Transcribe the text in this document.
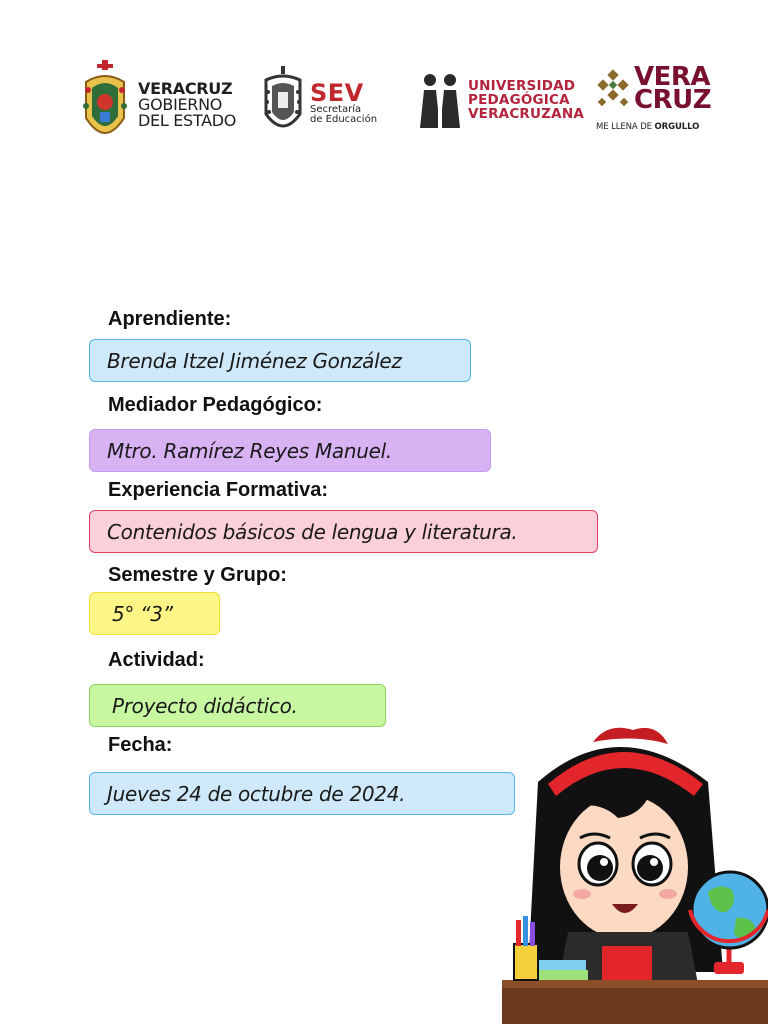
VERACRUZ
GOBIERNO
DEL ESTADO
SEV
Secretaría
de Educación
UNIVERSIDAD
PEDAGÓGICA
VERACRUZANA
VERA
CRUZ
ME LLENA DE ORGULLO
Aprendiente:
Brenda Itzel Jiménez González
Mediador Pedagógico:
Mtro. Ramírez Reyes Manuel.
Experiencia Formativa:
Contenidos básicos de lengua y literatura.
Semestre y Grupo:
5° “3”
Actividad:
Proyecto didáctico.
Fecha:
Jueves 24 de octubre de 2024.
